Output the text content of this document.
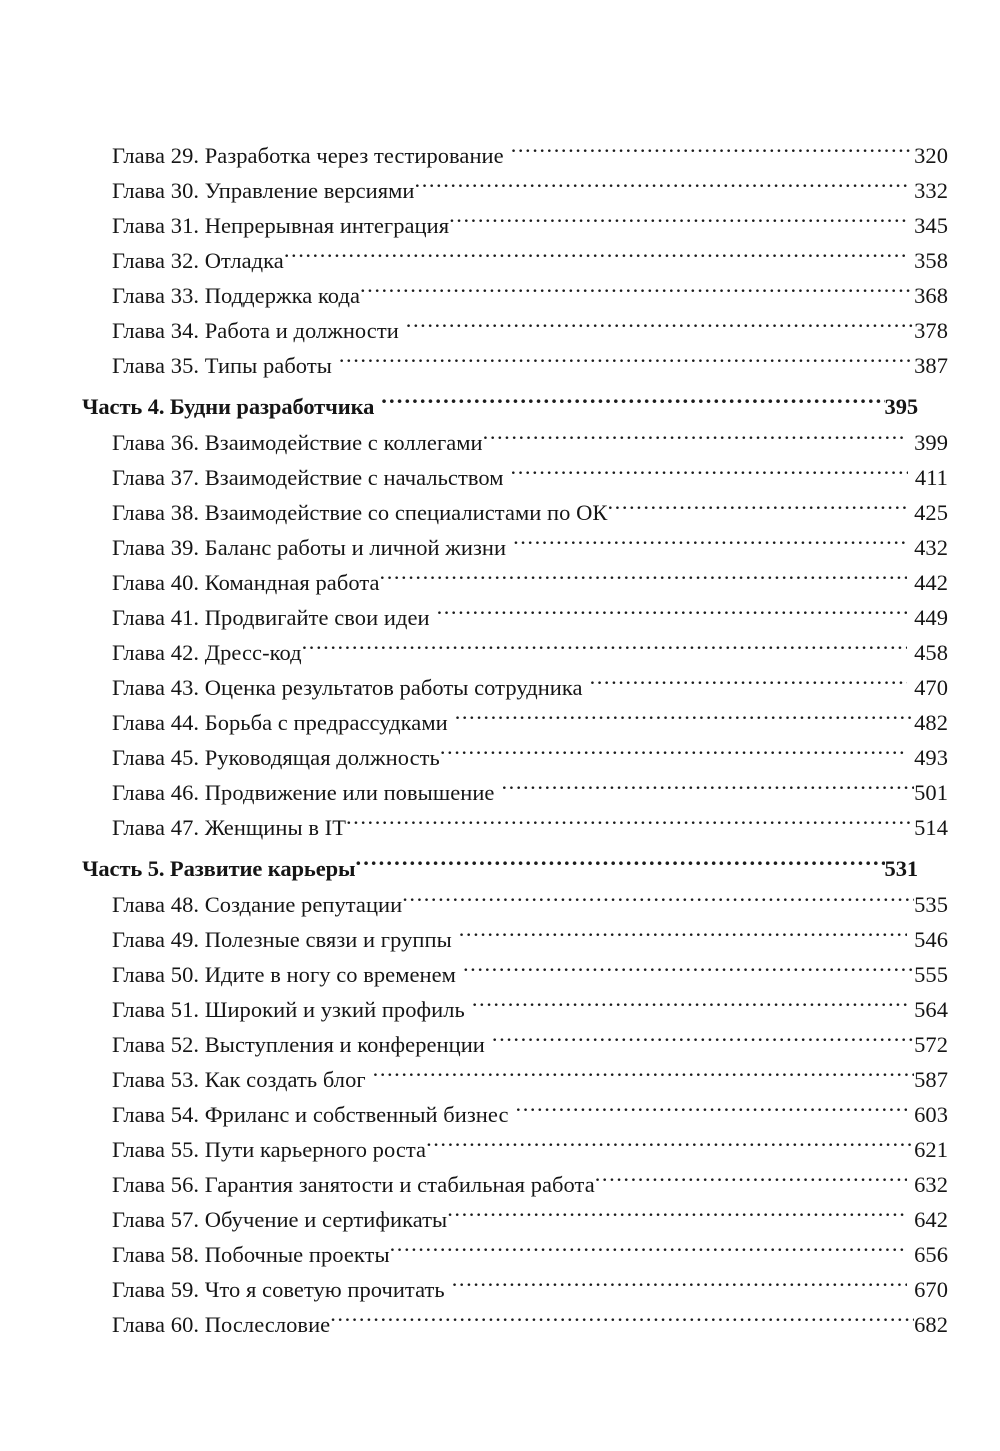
Глава 29. Разработка через тестирование .....	320
Глава 30. Управление версиями .....	332
Глава 31. Непрерывная интеграция .....	345
Глава 32. Отладка .....	358
Глава 33. Поддержка кода .....	368
Глава 34. Работа и должности .....	378
Глава 35. Типы работы .....	387
Часть 4. Будни разработчика .....	395
Глава 36. Взаимодействие с коллегами .....	399
Глава 37. Взаимодействие с начальством .....	411
Глава 38. Взаимодействие со специалистами по ОК .....	425
Глава 39. Баланс работы и личной жизни .....	432
Глава 40. Командная работа .....	442
Глава 41. Продвигайте свои идеи .....	449
Глава 42. Дресс-код .....	458
Глава 43. Оценка результатов работы сотрудника .....	470
Глава 44. Борьба с предрассудками .....	482
Глава 45. Руководящая должность .....	493
Глава 46. Продвижение или повышение .....	501
Глава 47. Женщины в IT .....	514
Часть 5. Развитие карьеры .....	531
Глава 48. Создание репутации .....	535
Глава 49. Полезные связи и группы .....	546
Глава 50. Идите в ногу со временем .....	555
Глава 51. Широкий и узкий профиль .....	564
Глава 52. Выступления и конференции .....	572
Глава 53. Как создать блог .....	587
Глава 54. Фриланс и собственный бизнес .....	603
Глава 55. Пути карьерного роста .....	621
Глава 56. Гарантия занятости и стабильная работа .....	632
Глава 57. Обучение и сертификаты .....	642
Глава 58. Побочные проекты .....	656
Глава 59. Что я советую прочитать .....	670
Глава 60. Послесловие .....	682
